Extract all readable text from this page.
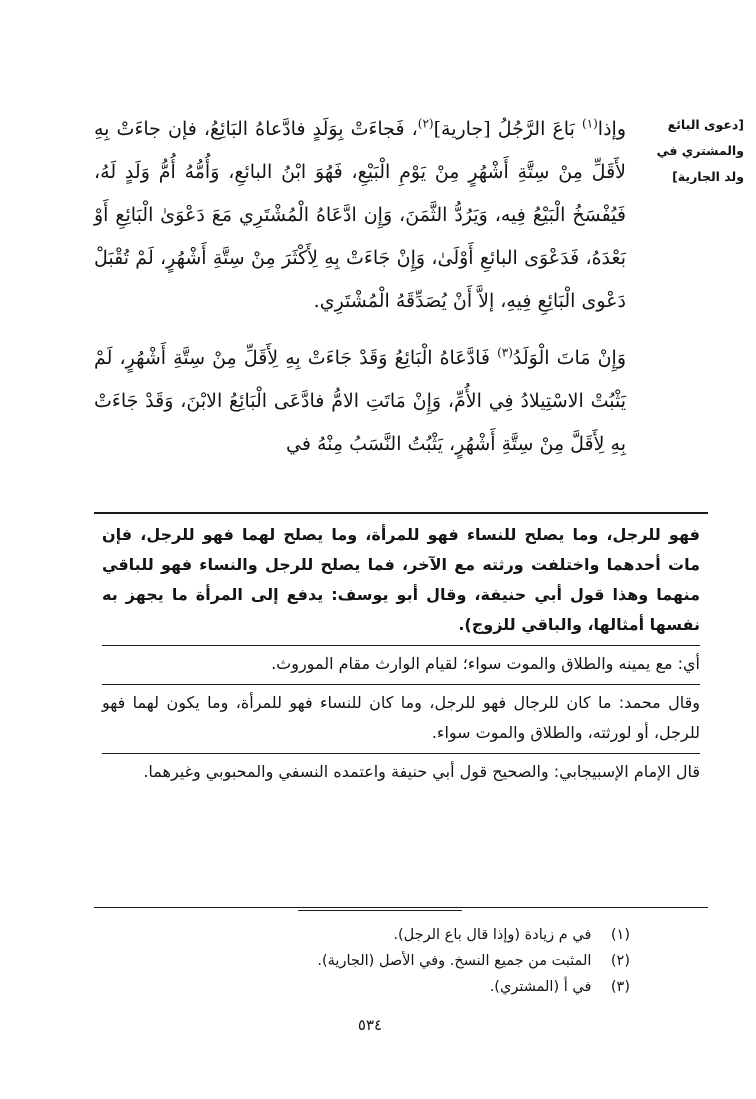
[دعوى البائع
والمشتري في
ولد الجارية]

وإذا$^{(١)}$ بَاعَ الرَّجُلُ [جارية]$^{(٢)}$، فَجاءَتْ بِوَلَدٍ فادَّعاهُ البَائِعُ، فإن جاءَتْ بِهِ لأَقَلِّ مِنْ سِتَّةِ أَشْهُرٍ مِنْ يَوْمِ الْبَيْعِ، فَهُوَ ابْنُ البائعِ، وَأُمُّهُ أُمُّ وَلَدٍ لَهُ، فَيُفْسَخُ الْبَيْعُ فِيه، وَيَرُدُّ الثَّمَنَ، وَإِن ادَّعَاهُ الْمُشْتَرِي مَعَ دَعْوَىٰ الْبَائِعِ أَوْ بَعْدَهُ، فَدَعْوَى البائعِ أَوْلَىٰ، وَإِنْ جَاءَتْ بِهِ لِأَكْثَرَ مِنْ سِتَّةِ أَشْهُرٍ، لَمْ تُقْبَلْ دَعْوى الْبَائِعِ فِيهِ، إلاَّ أَنْ يُصَدِّقَهُ الْمُشْتَرِي.

وَإِنْ مَاتَ الْوَلَدُ$^{(٣)}$ فَادَّعَاهُ الْبَائِعُ وَقَدْ جَاءَتْ بِهِ لِأَقَلِّ مِنْ سِتَّةِ أَشْهُرٍ، لَمْ يَثْبُتْ الاسْتِيلادُ فِي الأُمِّ، وَإِنْ مَاتَتِ الامُّ فادَّعَى الْبَائِعُ الابْنَ، وَقَدْ جَاءَتْ بِهِ لِأَقَلَّ مِنْ سِتَّةِ أَشْهُرٍ، يَثْبُتُ النَّسَبُ مِنْهُ في

فهو للرجل، وما يصلح للنساء فهو للمرأة، وما يصلح لهما فهو للرجل، فإن مات أحدهما واختلفت ورثته مع الآخر، فما يصلح للرجل والنساء فهو للباقي منهما وهذا قول أبي حنيفة، وقال أبو يوسف: يدفع إلى المرأة ما يجهز به نفسها أمثالها، والباقي للزوج).

أي: مع يمينه والطلاق والموت سواء؛ لقيام الوارث مقام الموروث.

وقال محمد: ما كان للرجال فهو للرجل، وما كان للنساء فهو للمرأة، وما يكون لهما فهو للرجل، أو لورثته، والطلاق والموت سواء.

قال الإمام الإسبيجابي: والصحيح قول أبي حنيفة واعتمده النسفي والمحبوبي وغيرهما.

(١) في م زيادة (وإذا قال باع الرجل).

(٢) المثبت من جميع النسخ. وفي الأصل (الجارية).

(٣) في أ (المشتري).

٥٣٤
